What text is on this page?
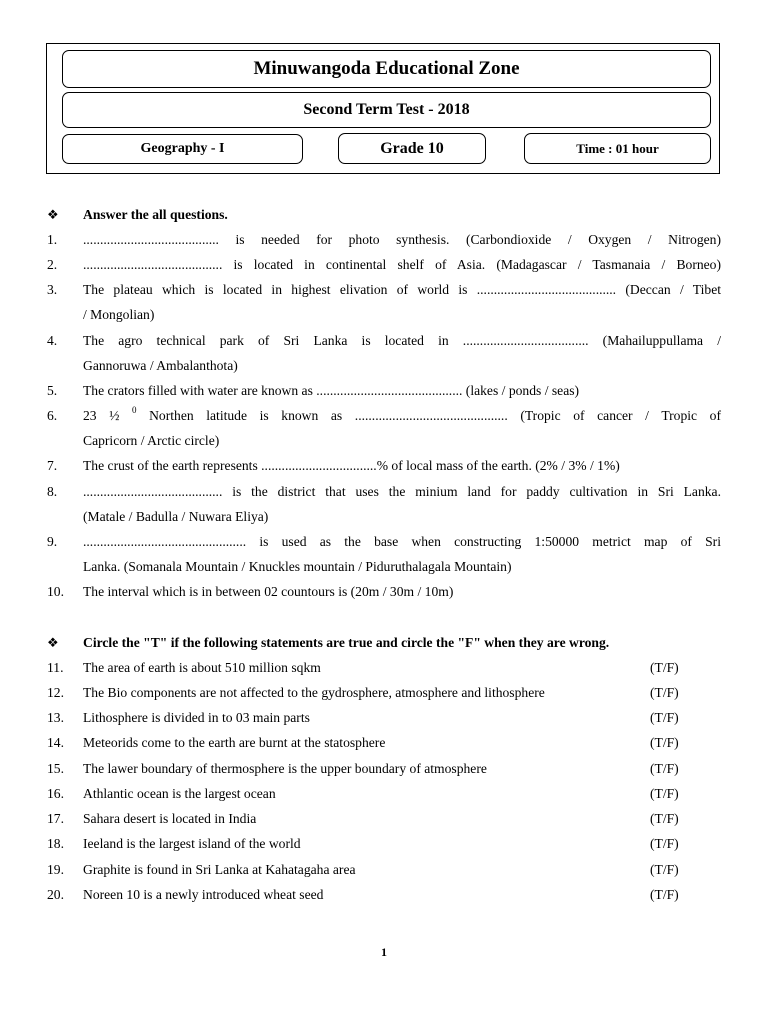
Minuwangoda Educational Zone
Second Term Test - 2018
Geography - I	Grade 10	Time : 01 hour
❖ Answer the all questions.
1. ........................................ is needed for photo synthesis. (Carbondioxide / Oxygen / Nitrogen)
2. ......................................... is located in continental shelf of Asia. (Madagascar / Tasmanaia / Borneo)
3. The plateau which is located in highest elivation of world is ......................................... (Deccan / Tibet
/ Mongolian)
4. The agro technical park of Sri Lanka is located in ..................................... (Mahailuppullama /
Gannoruwa / Ambalanthota)
5. The crators filled with water are known as ........................................... (lakes / ponds / seas)
6. 23 ½ $^0$ Northen latitude is known as ............................................. (Tropic of cancer / Tropic of
Capricorn / Arctic circle)
7. The crust of the earth represents ..................................% of local mass of the earth. (2% / 3% / 1%)
8. ......................................... is the district that uses the minium land for paddy cultivation in Sri Lanka.
(Matale / Badulla / Nuwara Eliya)
9. ................................................ is used as the base when constructing 1:50000 metrict map of Sri
Lanka. (Somanala Mountain / Knuckles mountain / Piduruthalagala Mountain)
10. The interval which is in between 02 countours is (20m / 30m / 10m)
❖ Circle the "T" if the following statements are true and circle the "F" when they are wrong.
11. The area of earth is about 510 million sqkm	(T/F)
12. The Bio components are not affected to the gydrosphere, atmosphere and lithosphere	(T/F)
13. Lithosphere is divided in to 03 main parts	(T/F)
14. Meteorids come to the earth are burnt at the statosphere	(T/F)
15. The lawer boundary of thermosphere is the upper boundary of atmosphere	(T/F)
16. Athlantic ocean is the largest ocean	(T/F)
17. Sahara desert is located in India	(T/F)
18. Ieeland is the largest island of the world	(T/F)
19. Graphite is found in Sri Lanka at Kahatagaha area	(T/F)
20. Noreen 10 is a newly introduced wheat seed	(T/F)
1
